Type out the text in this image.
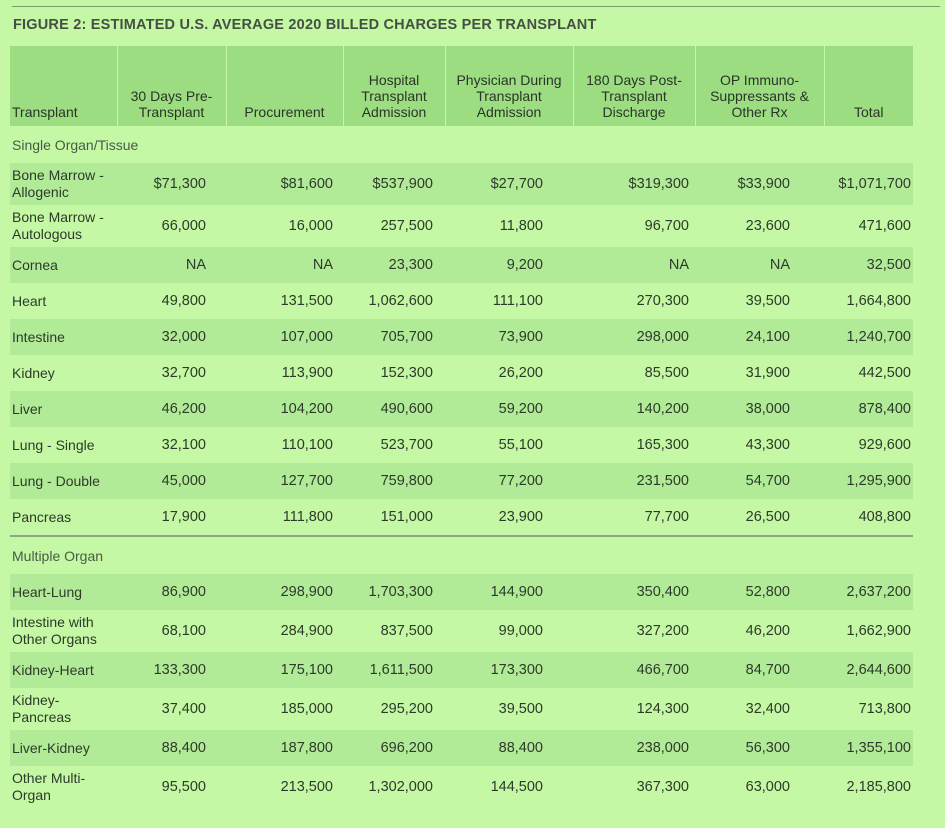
FIGURE 2: ESTIMATED U.S. AVERAGE 2020 BILLED CHARGES PER TRANSPLANT
Transplant	30 Days Pre-Transplant	Procurement	Hospital Transplant Admission	Physician During Transplant Admission	180 Days Post-Transplant Discharge	OP Immuno-Suppressants & Other Rx	Total
Single Organ/Tissue							
Bone Marrow - Allogenic	$71,300	$81,600	$537,900	$27,700	$319,300	$33,900	$1,071,700
Bone Marrow - Autologous	66,000	16,000	257,500	11,800	96,700	23,600	471,600
Cornea	NA	NA	23,300	9,200	NA	NA	32,500
Heart	49,800	131,500	1,062,600	111,100	270,300	39,500	1,664,800
Intestine	32,000	107,000	705,700	73,900	298,000	24,100	1,240,700
Kidney	32,700	113,900	152,300	26,200	85,500	31,900	442,500
Liver	46,200	104,200	490,600	59,200	140,200	38,000	878,400
Lung - Single	32,100	110,100	523,700	55,100	165,300	43,300	929,600
Lung - Double	45,000	127,700	759,800	77,200	231,500	54,700	1,295,900
Pancreas	17,900	111,800	151,000	23,900	77,700	26,500	408,800
Multiple Organ							
Heart-Lung	86,900	298,900	1,703,300	144,900	350,400	52,800	2,637,200
Intestine with Other Organs	68,100	284,900	837,500	99,000	327,200	46,200	1,662,900
Kidney-Heart	133,300	175,100	1,611,500	173,300	466,700	84,700	2,644,600
Kidney-Pancreas	37,400	185,000	295,200	39,500	124,300	32,400	713,800
Liver-Kidney	88,400	187,800	696,200	88,400	238,000	56,300	1,355,100
Other Multi-Organ	95,500	213,500	1,302,000	144,500	367,300	63,000	2,185,800
